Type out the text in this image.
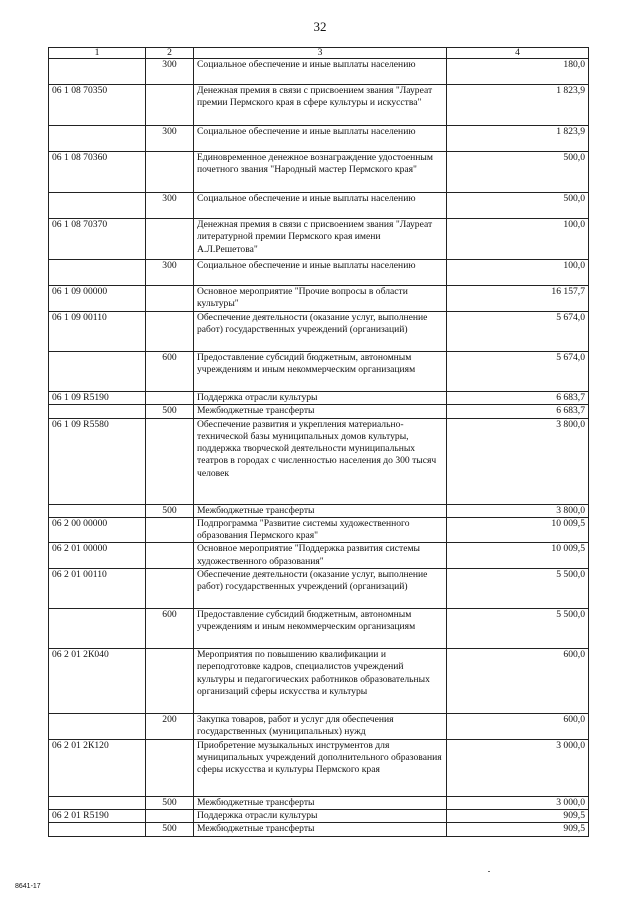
32
1	2	3	4
	300	Социальное обеспечение и иные выплаты населению	180,0
06 1 08 70350		Денежная премия в связи с присвоением звания "Лауреат премии Пермского края в сфере культуры и искусства"	1 823,9
	300	Социальное обеспечение и иные выплаты населению	1 823,9
06 1 08 70360		Единовременное денежное вознаграждение удостоенным почетного звания "Народный мастер Пермского края"	500,0
	300	Социальное обеспечение и иные выплаты населению	500,0
06 1 08 70370		Денежная премия в связи с присвоением звания "Лауреат литературной премии Пермского края имени А.Л.Решетова"	100,0
	300	Социальное обеспечение и иные выплаты населению	100,0
06 1 09 00000		Основное мероприятие "Прочие вопросы в области культуры"	16 157,7
06 1 09 00110		Обеспечение деятельности (оказание услуг, выполнение работ) государственных учреждений (организаций)	5 674,0
	600	Предоставление субсидий бюджетным, автономным учреждениям и иным некоммерческим организациям	5 674,0
06 1 09 R5190		Поддержка отрасли культуры	6 683,7
	500	Межбюджетные трансферты	6 683,7
06 1 09 R5580		Обеспечение развития и укрепления материально-технической базы муниципальных домов культуры, поддержка творческой деятельности муниципальных театров в городах с численностью населения до 300 тысяч человек	3 800,0
	500	Межбюджетные трансферты	3 800,0
06 2 00 00000		Подпрограмма "Развитие системы художественного образования Пермского края"	10 009,5
06 2 01 00000		Основное мероприятие "Поддержка развития системы художественного образования"	10 009,5
06 2 01 00110		Обеспечение деятельности (оказание услуг, выполнение работ) государственных учреждений (организаций)	5 500,0
	600	Предоставление субсидий бюджетным, автономным учреждениям и иным некоммерческим организациям	5 500,0
06 2 01 2К040		Мероприятия по повышению квалификации и переподготовке кадров, специалистов учреждений культуры и педагогических работников образовательных организаций сферы искусства и культуры	600,0
	200	Закупка товаров, работ и услуг для обеспечения государственных (муниципальных) нужд	600,0
06 2 01 2К120		Приобретение музыкальных инструментов для муниципальных учреждений дополнительного образования сферы искусства и культуры Пермского края	3 000,0
	500	Межбюджетные трансферты	3 000,0
06 2 01 R5190		Поддержка отрасли культуры	909,5
	500	Межбюджетные трансферты	909,5
8641-17
